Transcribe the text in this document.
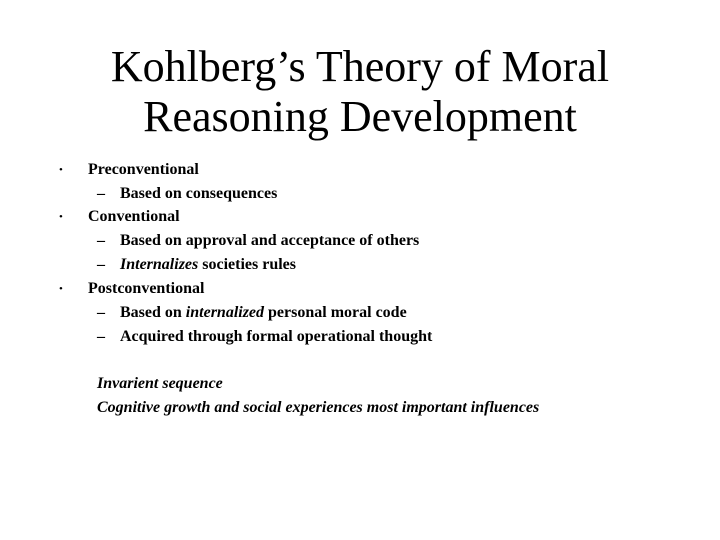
Kohlberg’s Theory of Moral
Reasoning Development
• Preconventional
– Based on consequences
• Conventional
– Based on approval and acceptance of others
– Internalizes societies rules
• Postconventional
– Based on internalized personal moral code
– Acquired through formal operational thought
Invarient sequence
Cognitive growth and social experiences most important influences
